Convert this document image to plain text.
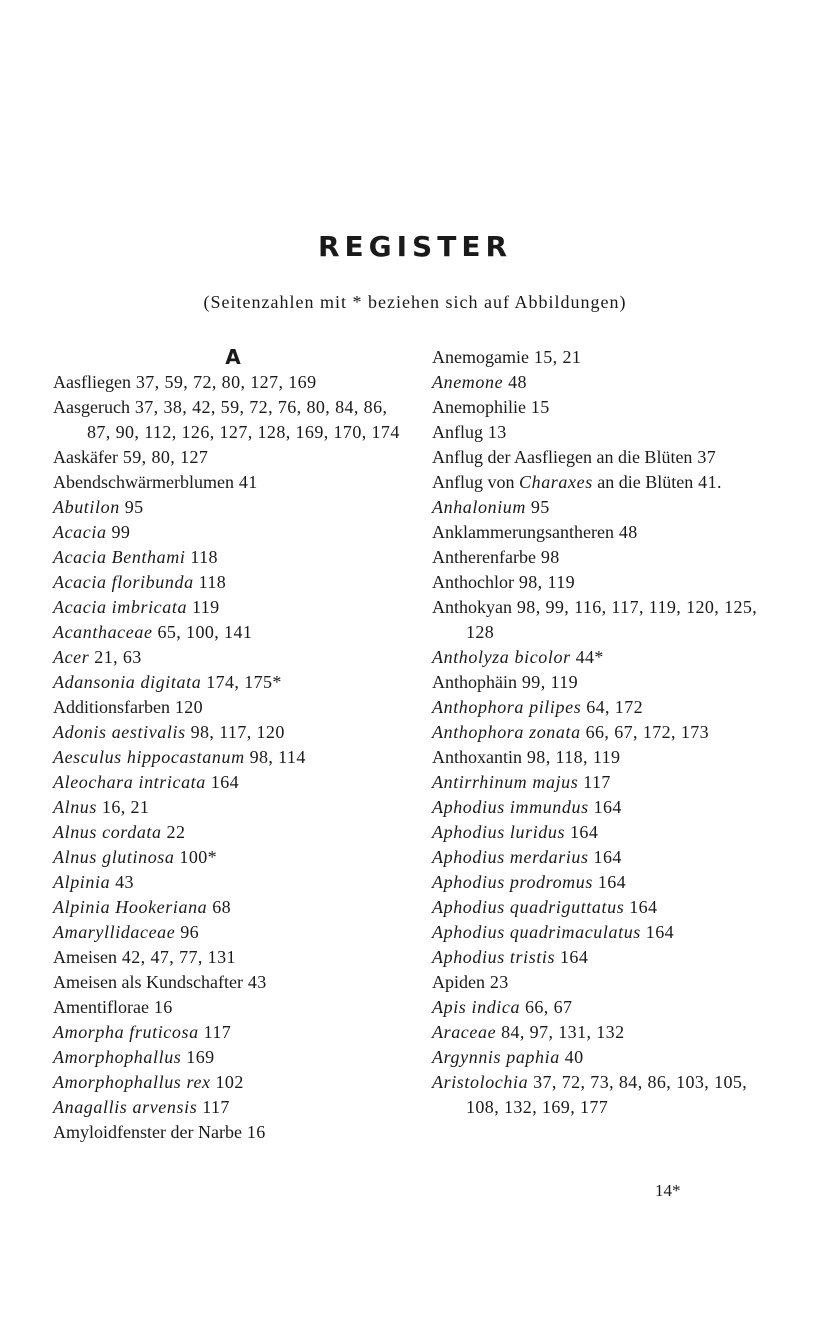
REGISTER

(Seitenzahlen mit * beziehen sich auf Abbildungen)

A

Aasfliegen 37, 59, 72, 80, 127, 169

Aasgeruch 37, 38, 42, 59, 72, 76, 80, 84, 86, 87, 90, 112, 126, 127, 128, 169, 170, 174

Aaskäfer 59, 80, 127

Abendschwärmerblumen 41

Abutilon 95

Acacia 99

Acacia Benthami 118

Acacia floribunda 118

Acacia imbricata 119

Acanthaceae 65, 100, 141

Acer 21, 63

Adansonia digitata 174, 175*

Additionsfarben 120

Adonis aestivalis 98, 117, 120

Aesculus hippocastanum 98, 114

Aleochara intricata 164

Alnus 16, 21

Alnus cordata 22

Alnus glutinosa 100*

Alpinia 43

Alpinia Hookeriana 68

Amaryllidaceae 96

Ameisen 42, 47, 77, 131

Ameisen als Kundschafter 43

Amentiflorae 16

Amorpha fruticosa 117

Amorphophallus 169

Amorphophallus rex 102

Anagallis arvensis 117

Amyloidfenster der Narbe 16

Anemogamie 15, 21

Anemone 48

Anemophilie 15

Anflug 13

Anflug der Aasfliegen an die Blüten 37

Anflug von Charaxes an die Blüten 41.

Anhalonium 95

Anklammerungsantheren 48

Antherenfarbe 98

Anthochlor 98, 119

Anthokyan 98, 99, 116, 117, 119, 120, 125, 128

Antholyza bicolor 44*

Anthophäin 99, 119

Anthophora pilipes 64, 172

Anthophora zonata 66, 67, 172, 173

Anthoxantin 98, 118, 119

Antirrhinum majus 117

Aphodius immundus 164

Aphodius luridus 164

Aphodius merdarius 164

Aphodius prodromus 164

Aphodius quadriguttatus 164

Aphodius quadrimaculatus 164

Aphodius tristis 164

Apiden 23

Apis indica 66, 67

Araceae 84, 97, 131, 132

Argynnis paphia 40

Aristolochia 37, 72, 73, 84, 86, 103, 105, 108, 132, 169, 177

14*
